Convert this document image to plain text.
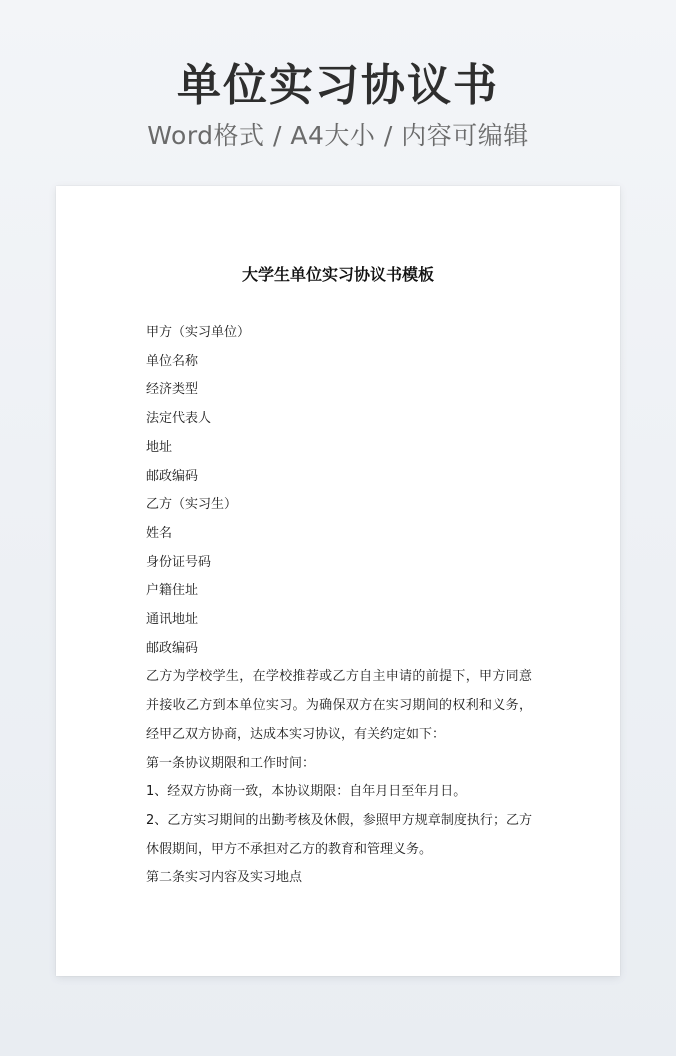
单位实习协议书
Word格式 / A4大小 / 内容可编辑
大学生单位实习协议书模板
甲方（实习单位）
单位名称
经济类型
法定代表人
地址
邮政编码
乙方（实习生）
姓名
身份证号码
户籍住址
通讯地址
邮政编码
乙方为学校学生，在学校推荐或乙方自主申请的前提下，甲方同意并接收乙方到本单位实习。为确保双方在实习期间的权利和义务，经甲乙双方协商，达成本实习协议，有关约定如下：
第一条协议期限和工作时间：
1、经双方协商一致，本协议期限：自年月日至年月日。
2、乙方实习期间的出勤考核及休假，参照甲方规章制度执行；乙方休假期间，甲方不承担对乙方的教育和管理义务。
第二条实习内容及实习地点
